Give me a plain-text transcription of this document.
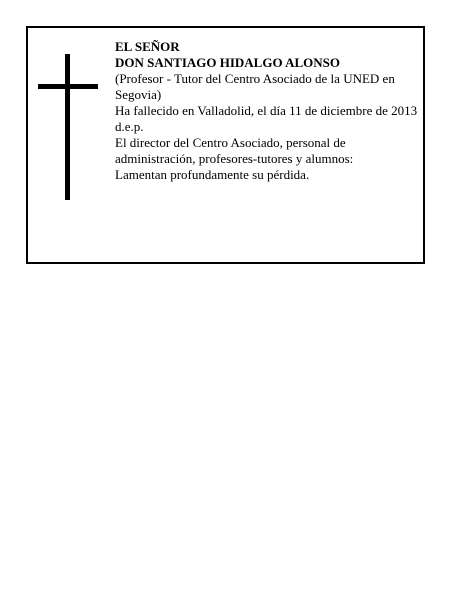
EL SEÑOR

DON SANTIAGO HIDALGO ALONSO

(Profesor - Tutor del Centro Asociado de la UNED en Segovia)

Ha fallecido en Valladolid, el día 11 de diciembre de 2013

d.e.p.

El director del Centro Asociado, personal de administración, profesores-tutores y alumnos:

Lamentan profundamente su pérdida.
